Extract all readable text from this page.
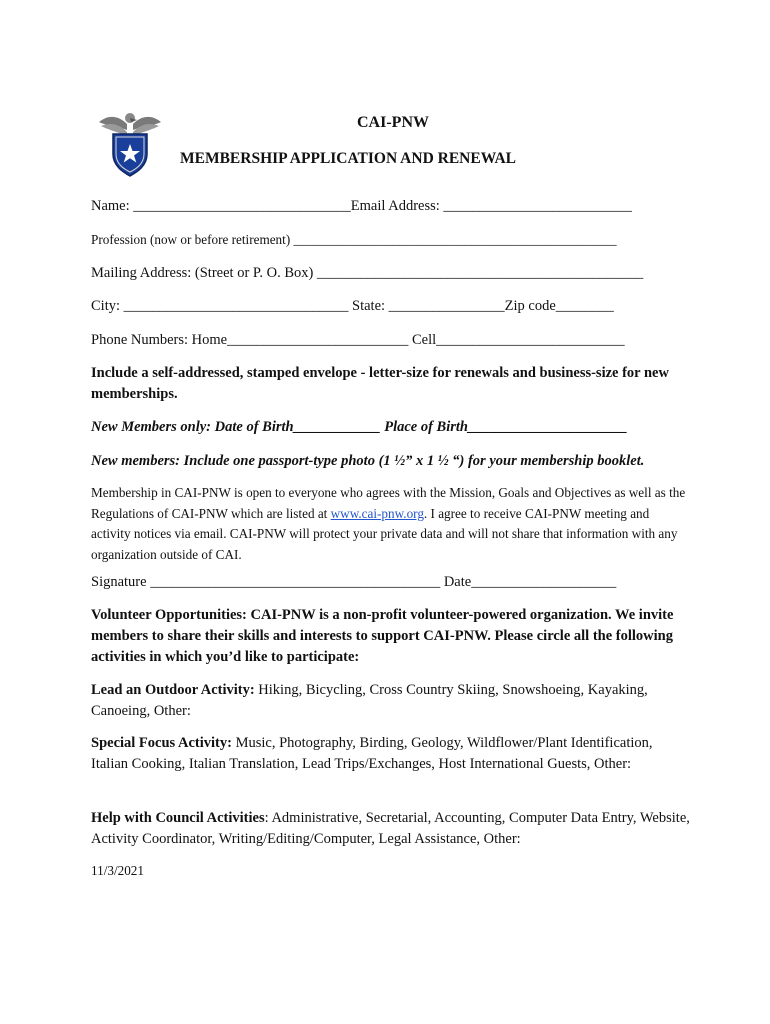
CAI-PNW
MEMBERSHIP APPLICATION AND RENEWAL
Name: ______________________________Email Address: __________________________
Profession (now or before retirement) _________________________________________________
Mailing Address: (Street or P. O. Box) _____________________________________________
City: _______________________________ State: ________________Zip code________
Phone Numbers: Home_________________________ Cell__________________________
Include a self-addressed, stamped envelope - letter-size for renewals and business-size for new memberships.
New Members only: Date of Birth____________ Place of Birth______________________
New members: Include one passport-type photo (1 ½” x 1 ½ “) for your membership booklet.
Membership in CAI-PNW is open to everyone who agrees with the Mission, Goals and Objectives as well as the Regulations of CAI-PNW which are listed at www.cai-pnw.org. I agree to receive CAI-PNW meeting and activity notices via email. CAI-PNW will protect your private data and will not share that information with any organization outside of CAI.
Signature ________________________________________ Date____________________
Volunteer Opportunities: CAI-PNW is a non-profit volunteer-powered organization. We invite members to share their skills and interests to support CAI-PNW. Please circle all the following activities in which you’d like to participate:
Lead an Outdoor Activity: Hiking, Bicycling, Cross Country Skiing, Snowshoeing, Kayaking, Canoeing, Other:
Special Focus Activity: Music, Photography, Birding, Geology, Wildflower/Plant Identification, Italian Cooking, Italian Translation, Lead Trips/Exchanges, Host International Guests, Other:
Help with Council Activities: Administrative, Secretarial, Accounting, Computer Data Entry, Website, Activity Coordinator, Writing/Editing/Computer, Legal Assistance, Other:
11/3/2021
